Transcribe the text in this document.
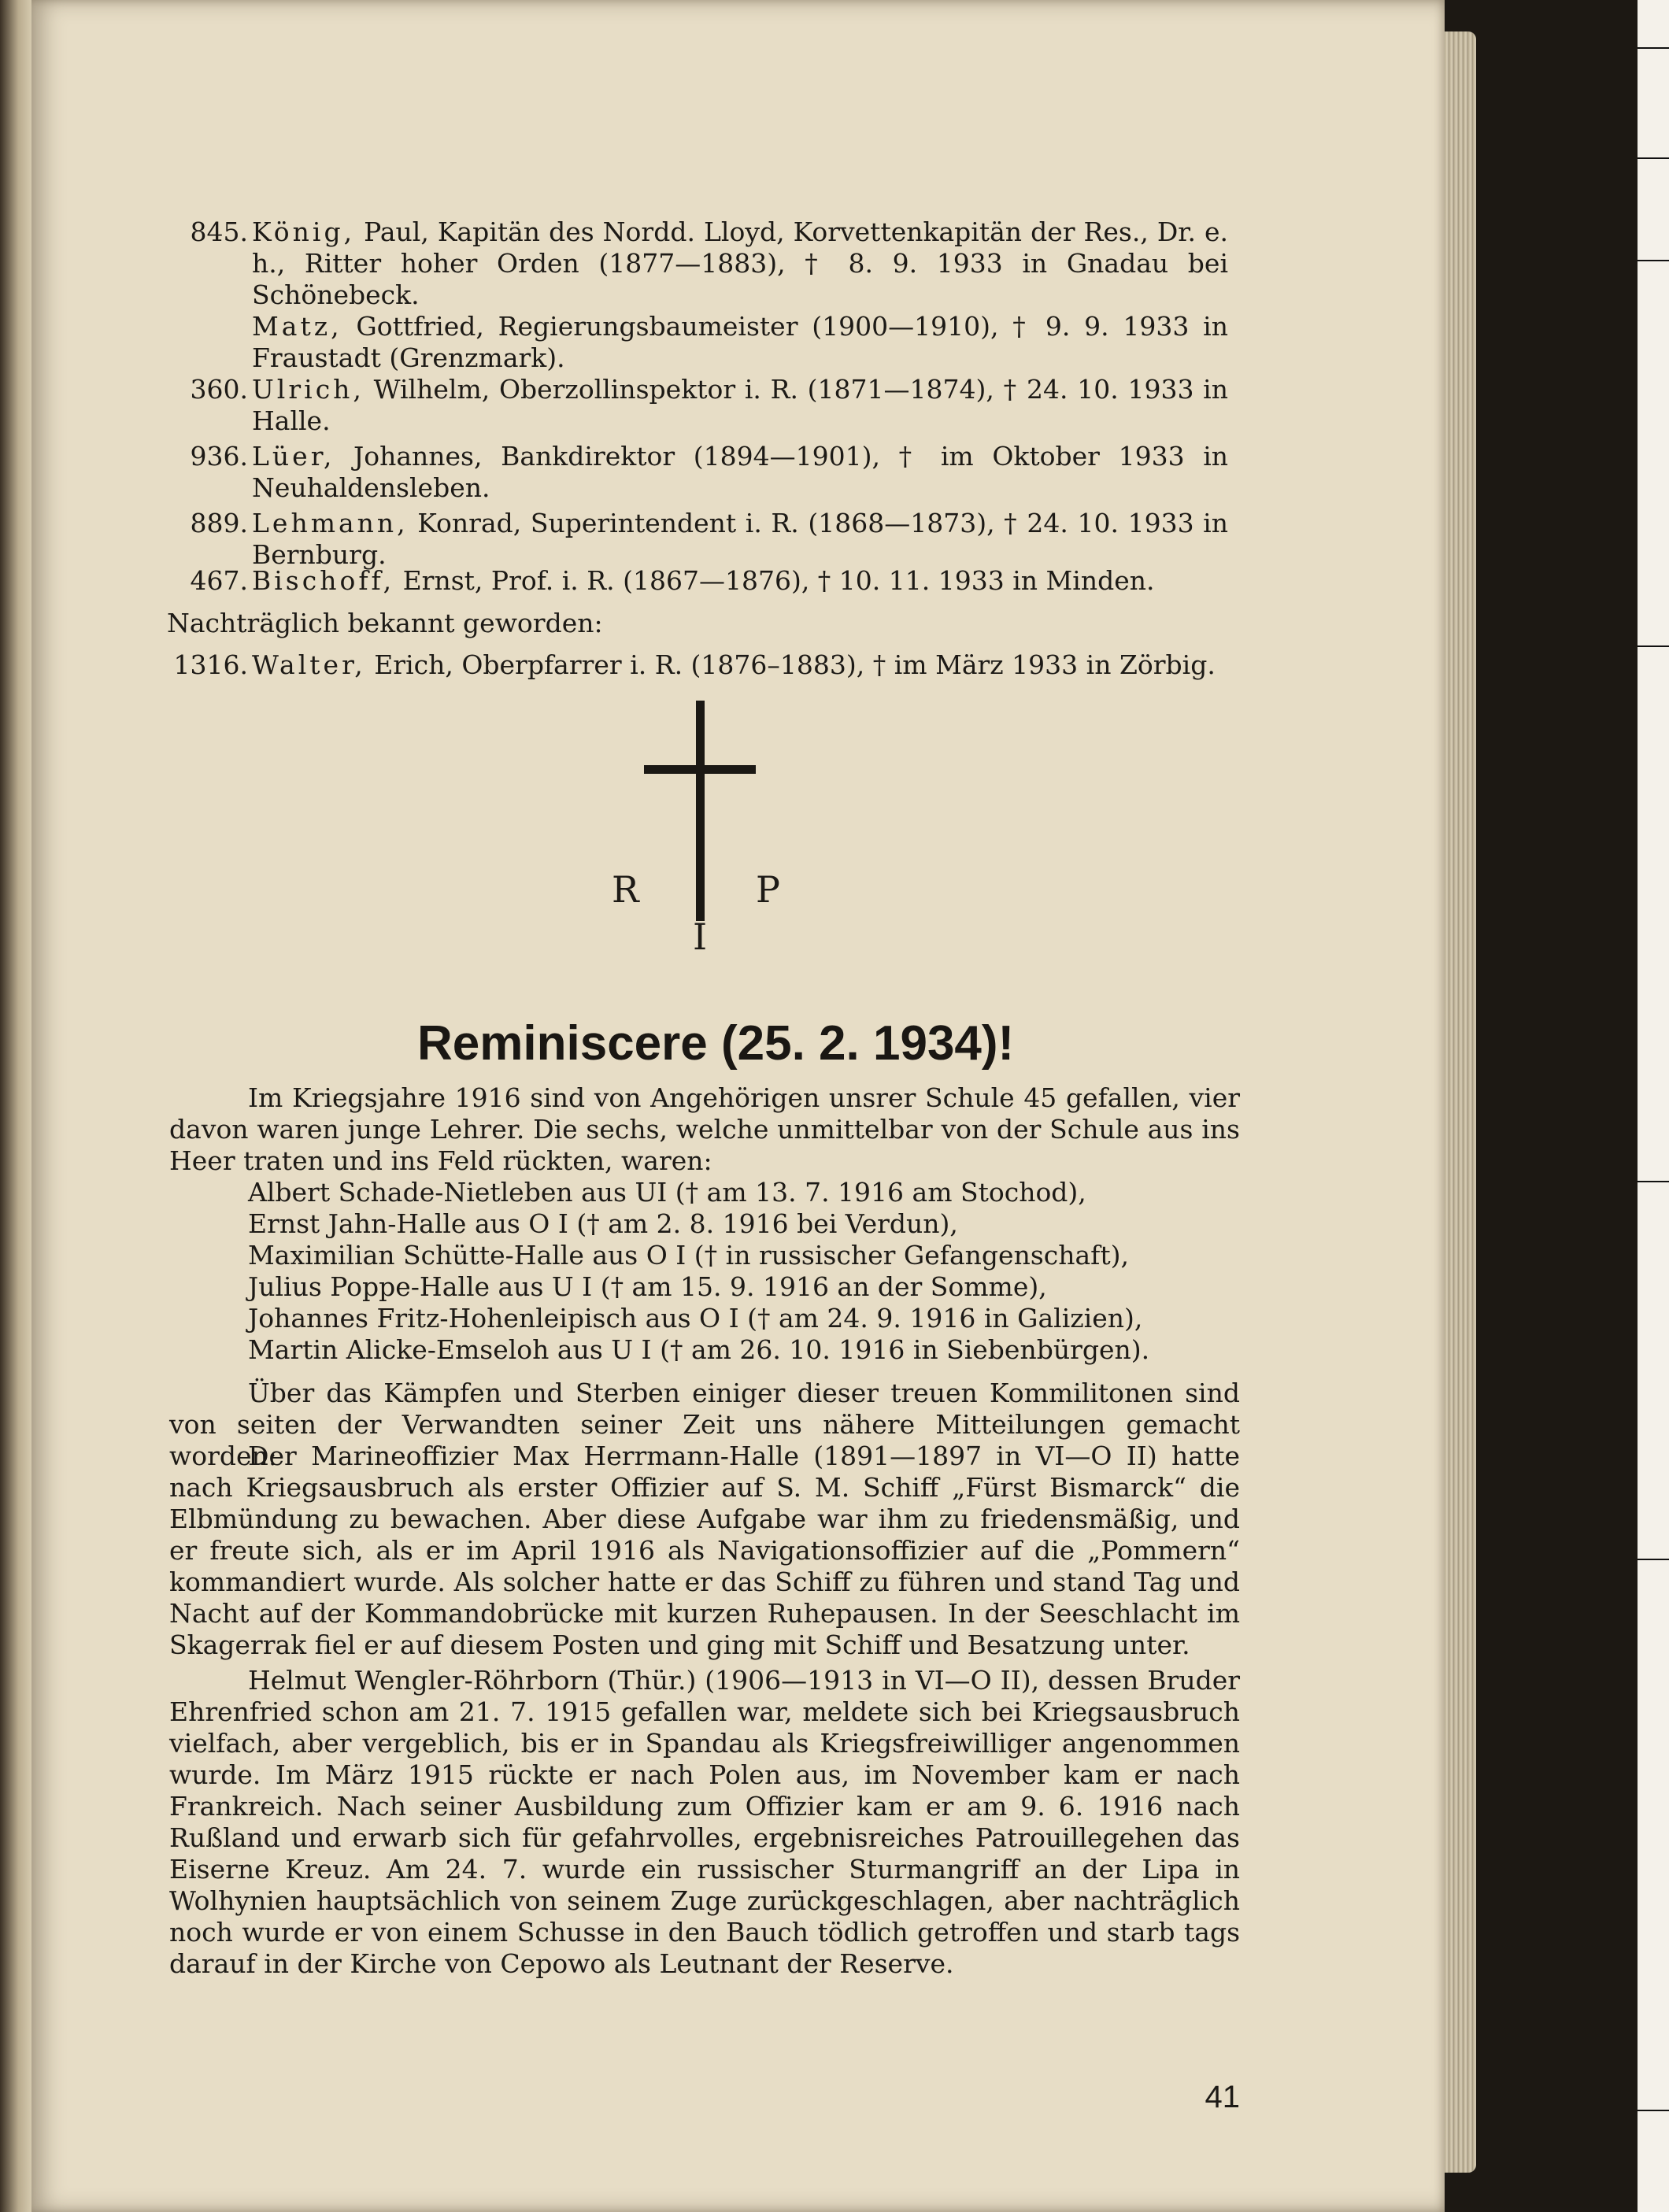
845. König, Paul, Kapitän des Nordd. Lloyd, Korvettenkapitän der Res., Dr. e. h., Ritter hoher Orden (1877—1883), † 8. 9. 1933 in Gnadau bei Schönebeck.
Matz, Gottfried, Regierungsbaumeister (1900—1910), † 9. 9. 1933 in Fraustadt (Grenzmark).
360. Ulrich, Wilhelm, Oberzollinspektor i. R. (1871—1874), † 24. 10. 1933 in Halle.
936. Lüer, Johannes, Bankdirektor (1894—1901), † im Oktober 1933 in Neuhaldensleben.
889. Lehmann, Konrad, Superintendent i. R. (1868—1873), † 24. 10. 1933 in Bernburg.
467. Bischoff, Ernst, Prof. i. R. (1867—1876), † 10. 11. 1933 in Minden.
Nachträglich bekannt geworden:
1316. Walter, Erich, Oberpfarrer i. R. (1876–1883), † im März 1933 in Zörbig.
R	P
I
Reminiscere (25. 2. 1934)!
Im Kriegsjahre 1916 sind von Angehörigen unsrer Schule 45 gefallen, vier davon waren junge Lehrer. Die sechs, welche unmittelbar von der Schule aus ins Heer traten und ins Feld rückten, waren:
Albert Schade-Nietleben aus UI († am 13. 7. 1916 am Stochod),
Ernst Jahn-Halle aus O I († am 2. 8. 1916 bei Verdun),
Maximilian Schütte-Halle aus O I († in russischer Gefangenschaft),
Julius Poppe-Halle aus U I († am 15. 9. 1916 an der Somme),
Johannes Fritz-Hohenleipisch aus O I († am 24. 9. 1916 in Galizien),
Martin Alicke-Emseloh aus U I († am 26. 10. 1916 in Siebenbürgen).
Über das Kämpfen und Sterben einiger dieser treuen Kommilitonen sind von seiten der Verwandten seiner Zeit uns nähere Mitteilungen gemacht worden:
Der Marineoffizier Max Herrmann-Halle (1891—1897 in VI—O II) hatte nach Kriegsausbruch als erster Offizier auf S. M. Schiff „Fürst Bismarck“ die Elbmündung zu bewachen. Aber diese Aufgabe war ihm zu friedensmäßig, und er freute sich, als er im April 1916 als Navigationsoffizier auf die „Pommern“ kommandiert wurde. Als solcher hatte er das Schiff zu führen und stand Tag und Nacht auf der Kommandobrücke mit kurzen Ruhepausen. In der Seeschlacht im Skagerrak fiel er auf diesem Posten und ging mit Schiff und Besatzung unter.
Helmut Wengler-Röhrborn (Thür.) (1906—1913 in VI—O II), dessen Bruder Ehrenfried schon am 21. 7. 1915 gefallen war, meldete sich bei Kriegsausbruch vielfach, aber vergeblich, bis er in Spandau als Kriegsfreiwilliger angenommen wurde. Im März 1915 rückte er nach Polen aus, im November kam er nach Frankreich. Nach seiner Ausbildung zum Offizier kam er am 9. 6. 1916 nach Rußland und erwarb sich für gefahrvolles, ergebnisreiches Patrouillegehen das Eiserne Kreuz. Am 24. 7. wurde ein russischer Sturmangriff an der Lipa in Wolhynien hauptsächlich von seinem Zuge zurückgeschlagen, aber nachträglich noch wurde er von einem Schusse in den Bauch tödlich getroffen und starb tags darauf in der Kirche von Cepowo als Leutnant der Reserve.
41
